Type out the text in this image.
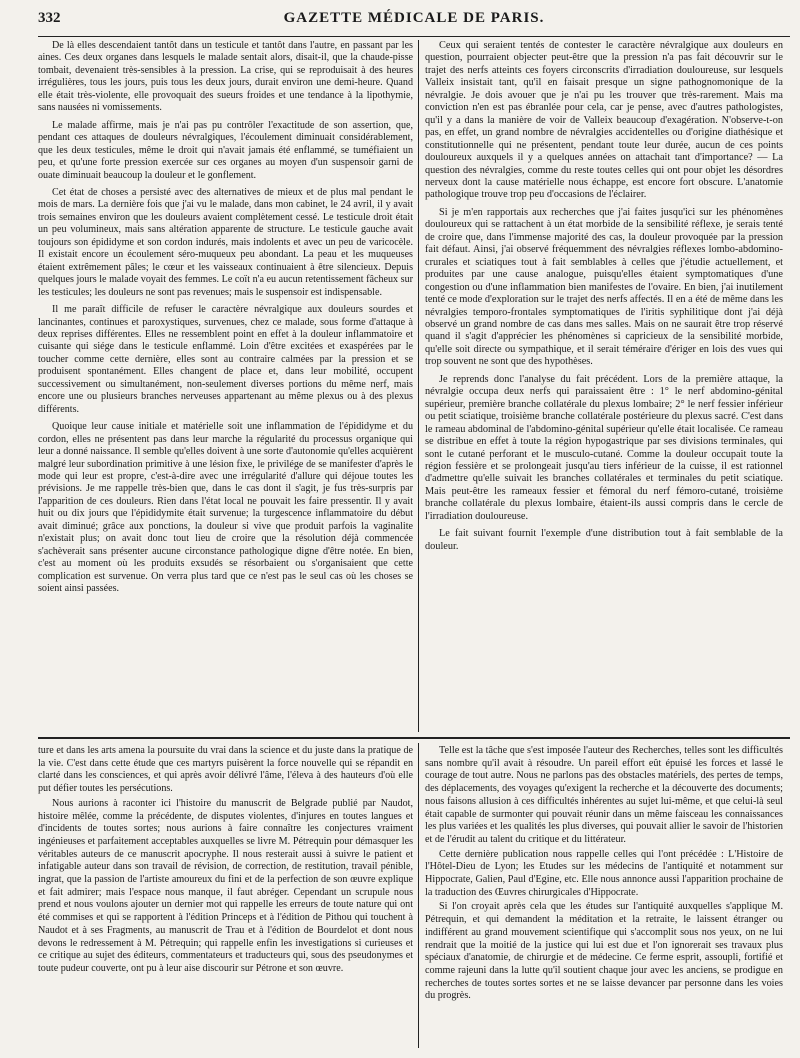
332	GAZETTE MÉDICALE DE PARIS.

De là elles descendaient tantôt dans un testicule et tantôt dans l'autre, en passant par les aines. Ces deux organes dans lesquels le malade sentait alors, disait-il, que la chaude-pisse tombait, devenaient très-sensibles à la pression. La crise, qui se reproduisait à des heures irrégulières, tous les jours, puis tous les deux jours, durait environ une demi-heure. Quand elle était très-violente, elle provoquait des sueurs froides et une tendance à la lipothymie, sans nausées ni vomissements.

Le malade affirme, mais je n'ai pas pu contrôler l'exactitude de son assertion, que, pendant ces attaques de douleurs névralgiques, l'écoulement diminuait considérablement, que les deux testicules, même le droit qui n'avait jamais été enflammé, se tuméfiaient un peu, et qu'une forte pression exercée sur ces organes au moyen d'un suspensoir garni de ouate diminuait beaucoup la douleur et le gonflement.

Cet état de choses a persisté avec des alternatives de mieux et de plus mal pendant le mois de mars. La dernière fois que j'ai vu le malade, dans mon cabinet, le 24 avril, il y avait trois semaines environ que les douleurs avaient complètement cessé. Le testicule droit était un peu volumineux, mais sans altération apparente de structure. Le testicule gauche avait toujours son épididyme et son cordon indurés, mais indolents et avec un peu de varicocèle. Il existait encore un écoulement séro-muqueux peu abondant. La peau et les muqueuses étaient extrêmement pâles; le cœur et les vaisseaux continuaient à être silencieux. Depuis quelques jours le malade voyait des femmes. Le coït n'a eu aucun retentissement fâcheux sur les testicules; les douleurs ne sont pas revenues; mais le suspensoir est indispensable.

Il me paraît difficile de refuser le caractère névralgique aux douleurs sourdes et lancinantes, continues et paroxystiques, survenues, chez ce malade, sous forme d'attaque à deux reprises différentes. Elles ne ressemblent point en effet à la douleur inflammatoire et cuisante qui siége dans le testicule enflammé. Loin d'être excitées et exaspérées par le toucher comme cette dernière, elles sont au contraire calmées par la pression et se produisent spontanément. Elles changent de place et, dans leur mobilité, occupent successivement ou simultanément, non-seulement diverses portions du même nerf, mais encore une ou plusieurs branches nerveuses appartenant au même plexus ou à des plexus différents.

Quoique leur cause initiale et matérielle soit une inflammation de l'épididyme et du cordon, elles ne présentent pas dans leur marche la régularité du processus organique qui leur a donné naissance. Il semble qu'elles doivent à une sorte d'autonomie qu'elles acquièrent malgré leur subordination primitive à une lésion fixe, le privilége de se manifester d'après le mode qui leur est propre, c'est-à-dire avec une irrégularité d'allure qui déjoue toutes les prévisions. Je me rappelle très-bien que, dans le cas dont il s'agit, je fus très-surpris par l'apparition de ces douleurs. Rien dans l'état local ne pouvait les faire pressentir. Il y avait huit ou dix jours que l'épididymite était survenue; la turgescence inflammatoire du début avait diminué; grâce aux ponctions, la douleur si vive que produit parfois la vaginalite n'existait plus; on avait donc tout lieu de croire que la résolution déjà commencée s'achèverait sans présenter aucune circonstance pathologique digne d'être notée. En bien, c'est au moment où les produits exsudés se résorbaient ou s'organisaient que cette complication est survenue. On verra plus tard que ce n'est pas le seul cas où les choses se soient ainsi passées.

Ceux qui seraient tentés de contester le caractère névralgique aux douleurs en question, pourraient objecter peut-être que la pression n'a pas fait découvrir sur le trajet des nerfs atteints ces foyers circonscrits d'irradiation douloureuse, sur lesquels Valleix insistait tant, qu'il en faisait presque un signe pathognomonique de la névralgie. Je dois avouer que je n'ai pu les trouver que très-rarement. Mais ma conviction n'en est pas ébranlée pour cela, car je pense, avec d'autres pathologistes, qu'il y a dans la manière de voir de Valleix beaucoup d'exagération. N'observe-t-on pas, en effet, un grand nombre de névralgies accidentelles ou d'origine diathésique et constitutionnelle qui ne présentent, pendant toute leur durée, aucun de ces points douloureux auxquels il y a quelques années on attachait tant d'importance? — La question des névralgies, comme du reste toutes celles qui ont pour objet les désordres nerveux dont la cause matérielle nous échappe, est encore fort obscure. L'anatomie pathologique trouve trop peu d'occasions de l'éclairer.

Si je m'en rapportais aux recherches que j'ai faites jusqu'ici sur les phénomènes douloureux qui se rattachent à un état morbide de la sensibilité réflexe, je serais tenté de croire que, dans l'immense majorité des cas, la douleur provoquée par la pression fait défaut. Ainsi, j'ai observé fréquemment des névralgies réflexes lombo-abdomino-crurales et sciatiques tout à fait semblables à celles que j'étudie actuellement, et produites par une cause analogue, puisqu'elles étaient symptomatiques d'une congestion ou d'une inflammation bien manifestes de l'ovaire. En bien, j'ai inutilement tenté ce mode d'exploration sur le trajet des nerfs affectés. Il en a été de même dans les névralgies temporo-frontales symptomatiques de l'iritis syphilitique dont j'ai déjà observé un grand nombre de cas dans mes salles. Mais on ne saurait être trop réservé quand il s'agit d'apprécier les phénomènes si capricieux de la sensibilité morbide, qu'elle soit directe ou sympathique, et il serait téméraire d'ériger en lois des vues qui trop souvent ne sont que des hypothèses.

Je reprends donc l'analyse du fait précédent. Lors de la première attaque, la névralgie occupa deux nerfs qui paraissaient être : 1° le nerf abdomino-génital supérieur, première branche collatérale du plexus lombaire; 2° le nerf fessier inférieur ou petit sciatique, troisième branche collatérale postérieure du plexus sacré. C'est dans le rameau abdominal de l'abdomino-génital supérieur qu'elle était localisée. Ce rameau se distribue en effet à toute la région hypogastrique par ses divisions terminales, qui sont le cutané perforant et le musculo-cutané. Comme la douleur occupait toute la région fessière et se prolongeait jusqu'au tiers inférieur de la cuisse, il est rationnel d'admettre qu'elle suivait les branches collatérales et terminales du petit sciatique. Mais peut-être les rameaux fessier et fémoral du nerf fémoro-cutané, troisième branche collatérale du plexus lombaire, étaient-ils aussi compris dans le cercle de l'irradiation douloureuse.

Le fait suivant fournit l'exemple d'une distribution tout à fait semblable de la douleur.

ture et dans les arts amena la poursuite du vrai dans la science et du juste dans la pratique de la vie. C'est dans cette étude que ces martyrs puisèrent la force nouvelle qui se répandit en clarté dans les consciences, et qui après avoir délivré l'âme, l'éleva à des hauteurs d'où elle put défier toutes les persécutions.

Nous aurions à raconter ici l'histoire du manuscrit de Belgrade publié par Naudot, histoire mêlée, comme la précédente, de disputes violentes, d'injures en toutes langues et d'incidents de toutes sortes; nous aurions à faire connaître les conjectures vraiment ingénieuses et parfaitement acceptables auxquelles se livre M. Pétrequin pour démasquer les véritables auteurs de ce manuscrit apocryphe. Il nous resterait aussi à suivre le patient et infatigable auteur dans son travail de révision, de correction, de restitution, travail pénible, ingrat, que la passion de l'artiste amoureux du fini et de la perfection de son œuvre explique et fait admirer; mais l'espace nous manque, il faut abréger. Cependant un scrupule nous prend et nous voulons ajouter un dernier mot qui rappelle les erreurs de toute nature qui ont été commises et qui se rapportent à l'édition Princeps et à l'édition de Pithou qui touchent à Naudot et à ses Fragments, au manuscrit de Trau et à l'édition de Bourdelot et dont nous devons le redressement à M. Pétrequin; qui rappelle enfin les investigations si curieuses et ce critique au sujet des éditeurs, commentateurs et traducteurs qui, sous des pseudonymes et toute pudeur couverte, ont pu à leur aise discourir sur Pétrone et son œuvre.

Telle est la tâche que s'est imposée l'auteur des Recherches, telles sont les difficultés sans nombre qu'il avait à résoudre. Un pareil effort eût épuisé les forces et lassé le courage de tout autre. Nous ne parlons pas des obstacles matériels, des pertes de temps, des déplacements, des voyages qu'exigent la recherche et la découverte des documents; nous faisons allusion à ces difficultés inhérentes au sujet lui-même, et que celui-là seul était capable de surmonter qui pouvait réunir dans un même faisceau les connaissances les plus variées et les qualités les plus diverses, qui pouvait allier le savoir de l'historien et de l'érudit au talent du critique et du littérateur.

Cette dernière publication nous rappelle celles qui l'ont précédée : L'Histoire de l'Hôtel-Dieu de Lyon; les Etudes sur les médecins de l'antiquité et notamment sur Hippocrate, Galien, Paul d'Egine, etc. Elle nous annonce aussi l'apparition prochaine de la traduction des Œuvres chirurgicales d'Hippocrate.

Si l'on croyait après cela que les études sur l'antiquité auxquelles s'applique M. Pétrequin, et qui demandent la méditation et la retraite, le laissent étranger ou indifférent au grand mouvement scientifique qui s'accomplit sous nos yeux, on ne lui rendrait que la moitié de la justice qui lui est due et l'on ignorerait ses travaux plus spéciaux d'anatomie, de chirurgie et de médecine. Ce ferme esprit, assoupli, fortifié et comme rajeuni dans la lutte qu'il soutient chaque jour avec les anciens, se prodigue en recherches de toutes sortes sortes et ne se laisse devancer par personne dans les voies du progrès.
